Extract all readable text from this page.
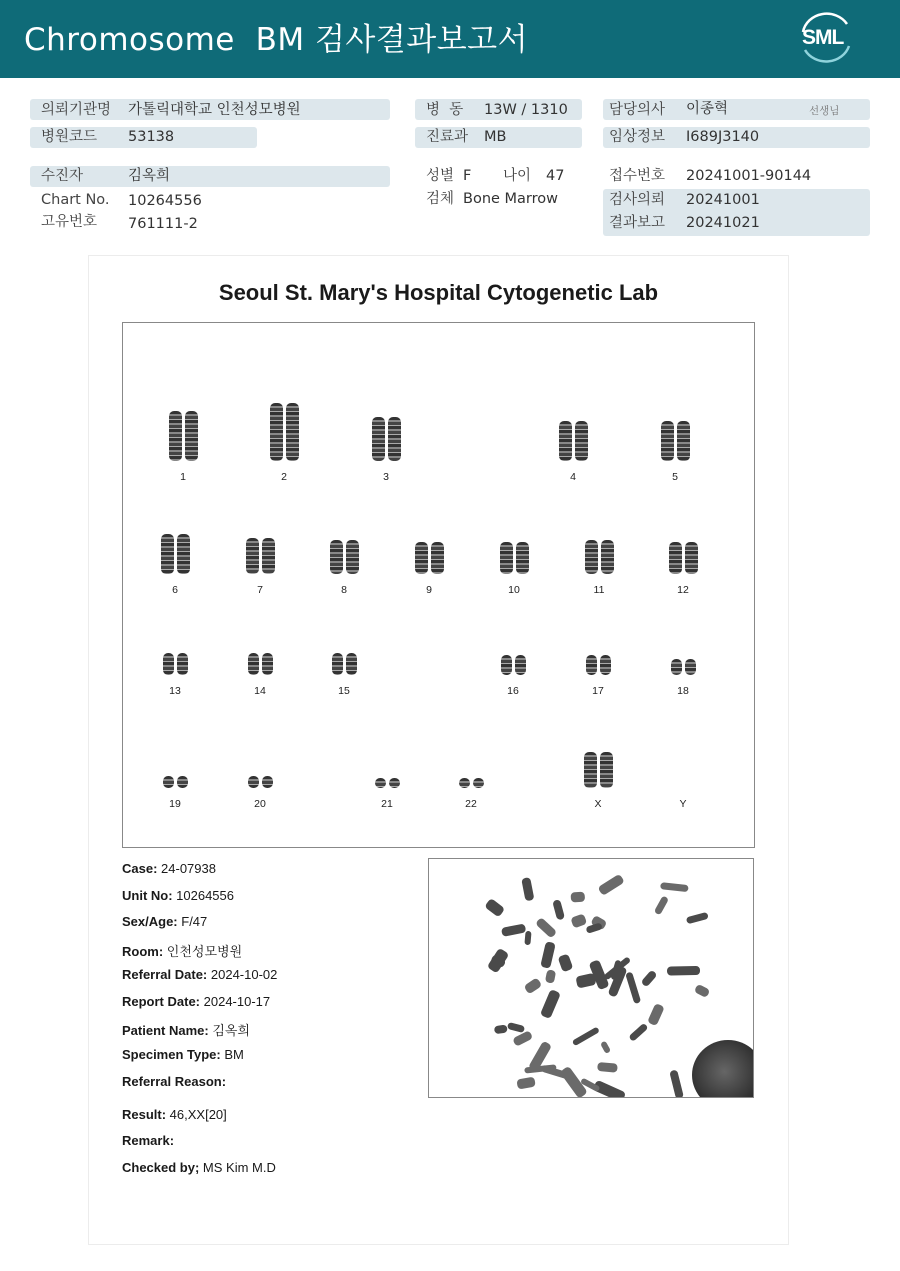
Chromosome  BM 검사결과보고서	SML
의뢰기관명 가톨릭대학교 인천성모병원
병원코드 53138
병  동 13W / 1310
진료과 MB
담당의사 이종혁	선생님
임상정보 I689J3140
수진자	김옥희
Chart No. 10264556
고유번호 761111-2
성별 F 나이 47
검체 Bone Marrow
접수번호 20241001-90144
검사의뢰 20241001
결과보고 20241021
Seoul St. Mary's Hospital Cytogenetic Lab
1	2	3	4	5
6	7	8	9	10	11	12
13	14	15	16	17	18
19	20	21	22	X	Y
Case: 24-07938
Unit No: 10264556
Sex/Age: F/47
Room: 인천성모병원
Referral Date: 2024-10-02
Report Date: 2024-10-17
Patient Name: 김옥희
Specimen Type: BM
Referral Reason:
Result: 46,XX[20]
Remark:
Checked by; MS Kim M.D
